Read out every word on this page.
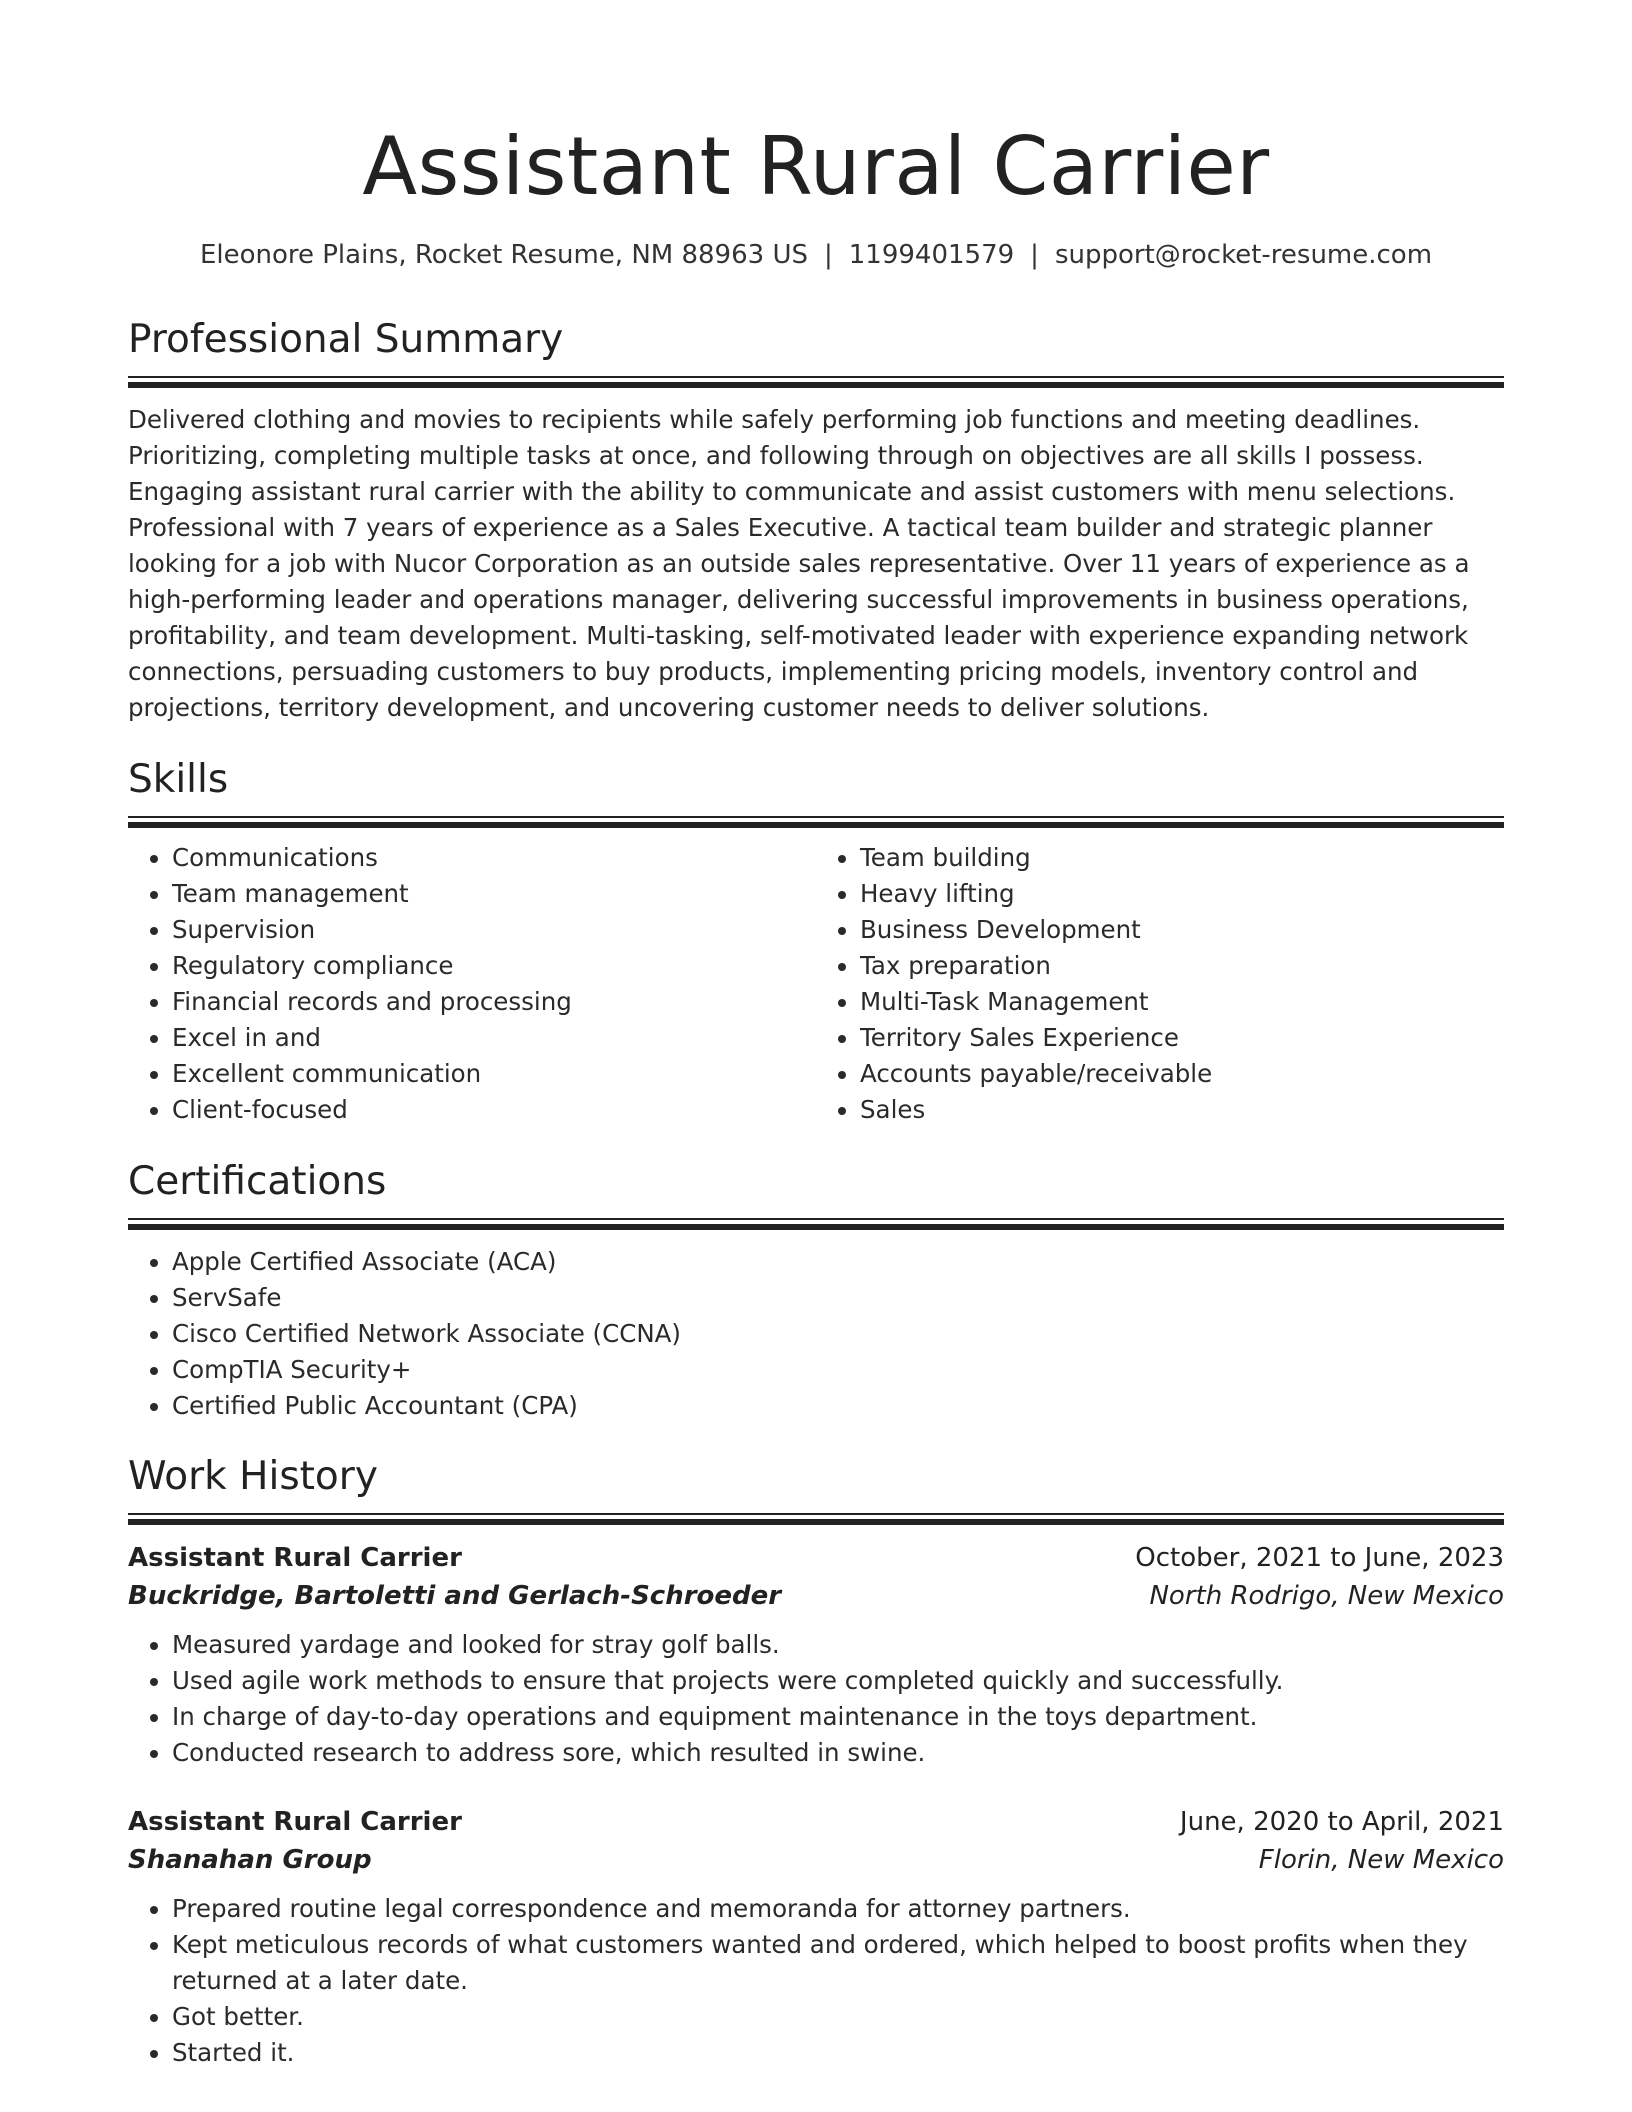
Assistant Rural Carrier
Eleonore Plains, Rocket Resume, NM 88963 US | 1199401579 | support@rocket-resume.com
Professional Summary
Delivered clothing and movies to recipients while safely performing job functions and meeting deadlines. Prioritizing, completing multiple tasks at once, and following through on objectives are all skills I possess. Engaging assistant rural carrier with the ability to communicate and assist customers with menu selections. Professional with 7 years of experience as a Sales Executive. A tactical team builder and strategic planner looking for a job with Nucor Corporation as an outside sales representative. Over 11 years of experience as a high-performing leader and operations manager, delivering successful improvements in business operations, profitability, and team development. Multi-tasking, self-motivated leader with experience expanding network connections, persuading customers to buy products, implementing pricing models, inventory control and projections, territory development, and uncovering customer needs to deliver solutions.
Skills
• Communications
• Team management
• Supervision
• Regulatory compliance
• Financial records and processing
• Excel in and
• Excellent communication
• Client-focused
• Team building
• Heavy lifting
• Business Development
• Tax preparation
• Multi-Task Management
• Territory Sales Experience
• Accounts payable/receivable
• Sales
Certifications
• Apple Certified Associate (ACA)
• ServSafe
• Cisco Certified Network Associate (CCNA)
• CompTIA Security+
• Certified Public Accountant (CPA)
Work History
Assistant Rural Carrier	October, 2021 to June, 2023
Buckridge, Bartoletti and Gerlach-Schroeder	North Rodrigo, New Mexico
• Measured yardage and looked for stray golf balls.
• Used agile work methods to ensure that projects were completed quickly and successfully.
• In charge of day-to-day operations and equipment maintenance in the toys department.
• Conducted research to address sore, which resulted in swine.
Assistant Rural Carrier	June, 2020 to April, 2021
Shanahan Group	Florin, New Mexico
• Prepared routine legal correspondence and memoranda for attorney partners.
• Kept meticulous records of what customers wanted and ordered, which helped to boost profits when they returned at a later date.
• Got better.
• Started it.
